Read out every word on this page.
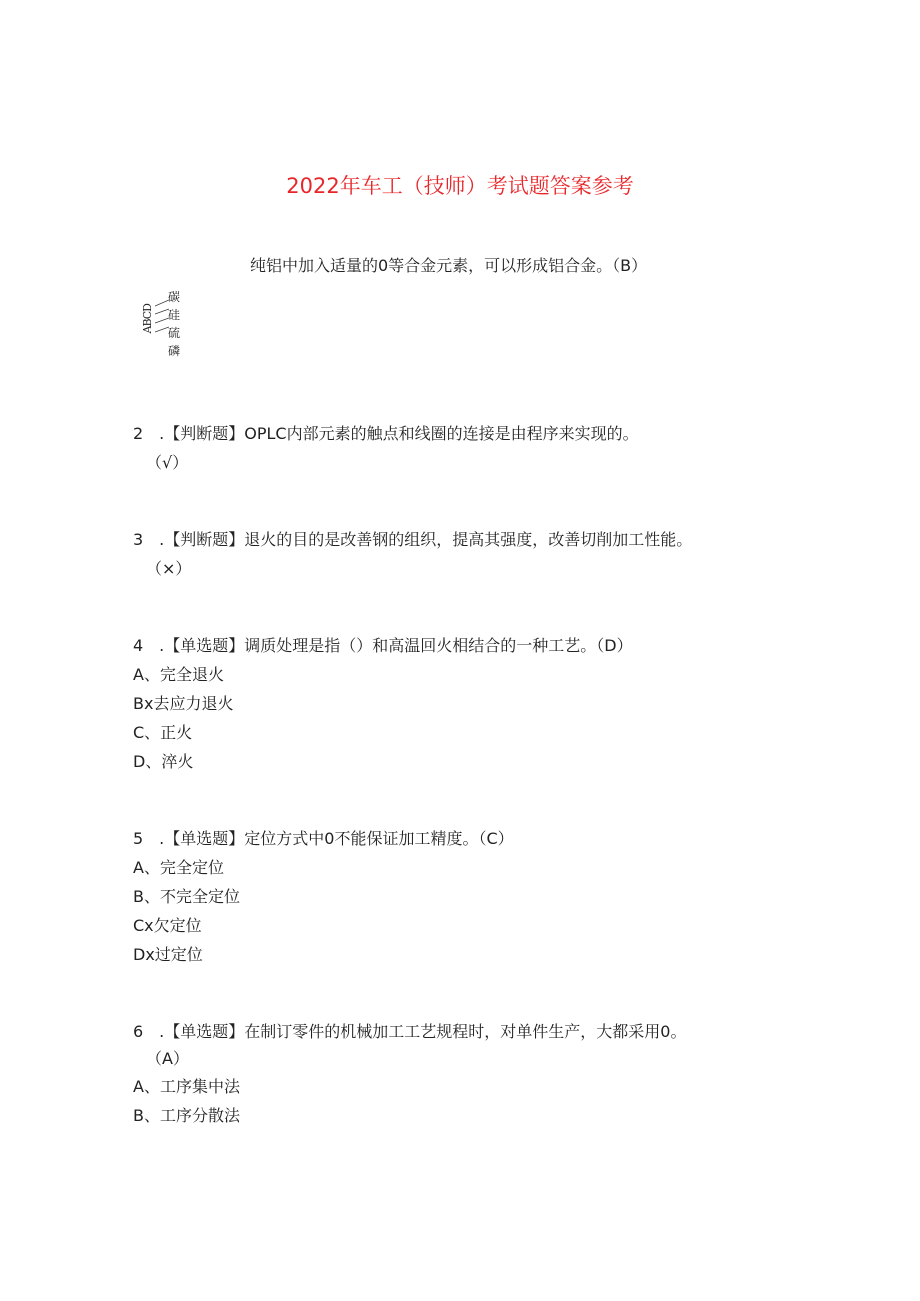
2022年车工（技师）考试题答案参考
纯铝中加入适量的0等合金元素，可以形成铝合金。（B）
ABCD
碳
硅
硫
磷
2　.【判断题】OPLC内部元素的触点和线圈的连接是由程序来实现的。
（√）
3　.【判断题】退火的目的是改善钢的组织，提高其强度，改善切削加工性能。
（×）
4　.【单选题】调质处理是指（）和高温回火相结合的一种工艺。（D）
A、完全退火
Bx去应力退火
C、正火
D、淬火
5　.【单选题】定位方式中0不能保证加工精度。（C）
A、完全定位
B、不完全定位
Cx欠定位
Dx过定位
6　.【单选题】在制订零件的机械加工工艺规程时，对单件生产，大都采用0。
（A）
A、工序集中法
B、工序分散法
